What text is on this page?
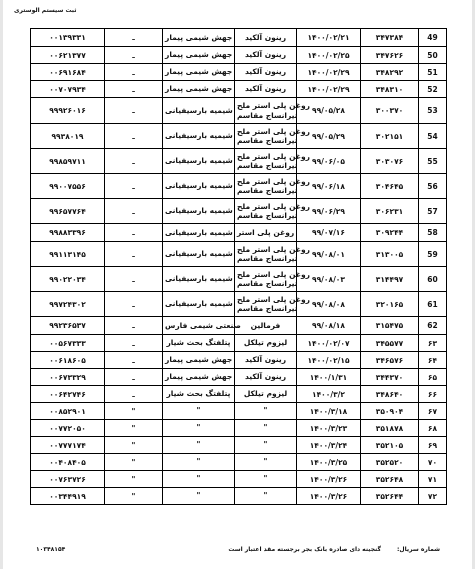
ثبت سیستم الوستری
۰۰۱۳۹۳۳۱	ـ	جهش شیمی پیمار	رینون آلکید	۱۴۰۰/۰۲/۲۱	۳۴۷۳۸۴	49
۰۰۶۲۱۳۷۷	ـ	جهش شیمی پیمار	رینون آلکید	۱۴۰۰/۰۲/۲۵	۳۴۷۶۲۶	50
۰۰۶۹۱۶۸۴	ـ	جهش شیمی پیمار	رینون آلکید	۱۴۰۰/۰۲/۲۹	۳۴۸۲۹۲	51
۰۰۷۰۷۹۳۴	ـ	جهش شیمی پیمار	رینون آلکید	۱۴۰۰/۰۲/۲۹	۳۴۸۳۱۰	52
۹۹۹۲۶۰۱۶	ـ	شیمیه بارسیفیانی	روغن پلی استر ملح
تیرانساج مقاسم	۹۹/۰۵/۲۸	۳۰۰۳۷۰	53
۹۹۳۸۰۱۹	ـ	شیمیه بارسیفیانی	روغن پلی استر ملح
تیرانساج مقاسم	۹۹/۰۵/۲۹	۳۰۲۱۵۱	54
۹۹۸۵۹۷۱۱	ـ	شیمیه بارسیفیانی	روغن پلی استر ملح
تیرانساج مقاسم	۹۹/۰۶/۰۵	۳۰۳۰۷۶	55
۹۹۰۰۷۵۵۶	ـ	شیمیه بارسیفیانی	روغن پلی استر ملح
تیرانساج مقاسم	۹۹/۰۶/۱۸	۳۰۴۶۴۵	56
۹۹۶۵۷۷۶۴	ـ	شیمیه بارسیفیانی	روغن پلی استر ملح
تیرانساج مقاسم	۹۹/۰۶/۲۹	۳۰۶۲۳۱	57
۹۹۸۸۳۳۹۶	ـ	شیمیه بارسیفیانی	روغن پلی استر	۹۹/۰۷/۱۶	۳۰۹۲۴۴	58
۹۹۱۱۳۱۴۵	ـ	شیمیه بارسیفیانی	روغن پلی استر ملح
تیرانساج مقاسم	۹۹/۰۸/۰۱	۳۱۳۰۰۵	59
۹۹۰۲۲۰۳۴	ـ	شیمیه بارسیفیانی	روغن پلی استر ملح
تیرانساج مقاسم	۹۹/۰۸/۰۳	۳۱۴۴۹۷	60
۹۹۷۲۴۳۰۲	ـ	شیمیه بارسیفیانی	روغن پلی استر ملح
تیرانساج مقاسم	۹۹/۰۸/۰۸	۳۲۰۱۶۵	61
۹۹۲۳۶۵۳۷	ـ	صنعتی شیمی فارس	فرمالین	۹۹/۰۸/۱۸	۳۱۵۴۷۵	62
۰۰۵۶۷۳۳۳	ـ	پتلفتگ بحث شیار	لیزوم تیلکل	۱۴۰۰/۰۲/۰۷	۳۴۵۵۷۷	۶۳
۰۰۶۱۸۶۰۵	ـ	جهش شیمی پیمار	رینون آلکید	۱۴۰۰/۰۲/۱۵	۳۴۶۵۷۶	۶۴
۰۰۶۷۳۳۲۹	ـ	جهش شیمی پیمار	رینون آلکید	۱۴۰۰/۱/۳۱	۳۴۴۳۷۰	۶۵
۰۰۶۴۲۷۴۶	ـ	پتلفتگ بحث شیار	لیزوم تیلکل	۱۴۰۰/۳/۲	۳۴۸۶۴۰	۶۶
۰۰۸۵۲۹۰۱	"	"	"	۱۴۰۰/۳/۱۸	۳۵۰۹۰۴	۶۷
۰۰۷۷۲۰۵۰	"	"	"	۱۴۰۰/۳/۲۳	۳۵۱۸۷۸	۶۸
۰۰۷۷۷۱۷۴	"	"	"	۱۴۰۰/۳/۲۴	۳۵۲۱۰۵	۶۹
۰۰۴۰۸۴۰۵	"	"	"	۱۴۰۰/۳/۲۵	۳۵۲۵۲۰	۷۰
۰۰۷۶۳۷۲۶	"	"	"	۱۴۰۰/۳/۲۶	۳۵۲۶۴۸	۷۱
۰۰۳۴۴۹۱۹	"	"	"	۱۴۰۰/۳/۲۶	۳۵۲۶۴۴	۷۲
۱۰۳۴۸۱۵۴	شماره سریال:
گنجینه دای صادره بانک بجر برجسته مقد اعتبار است
